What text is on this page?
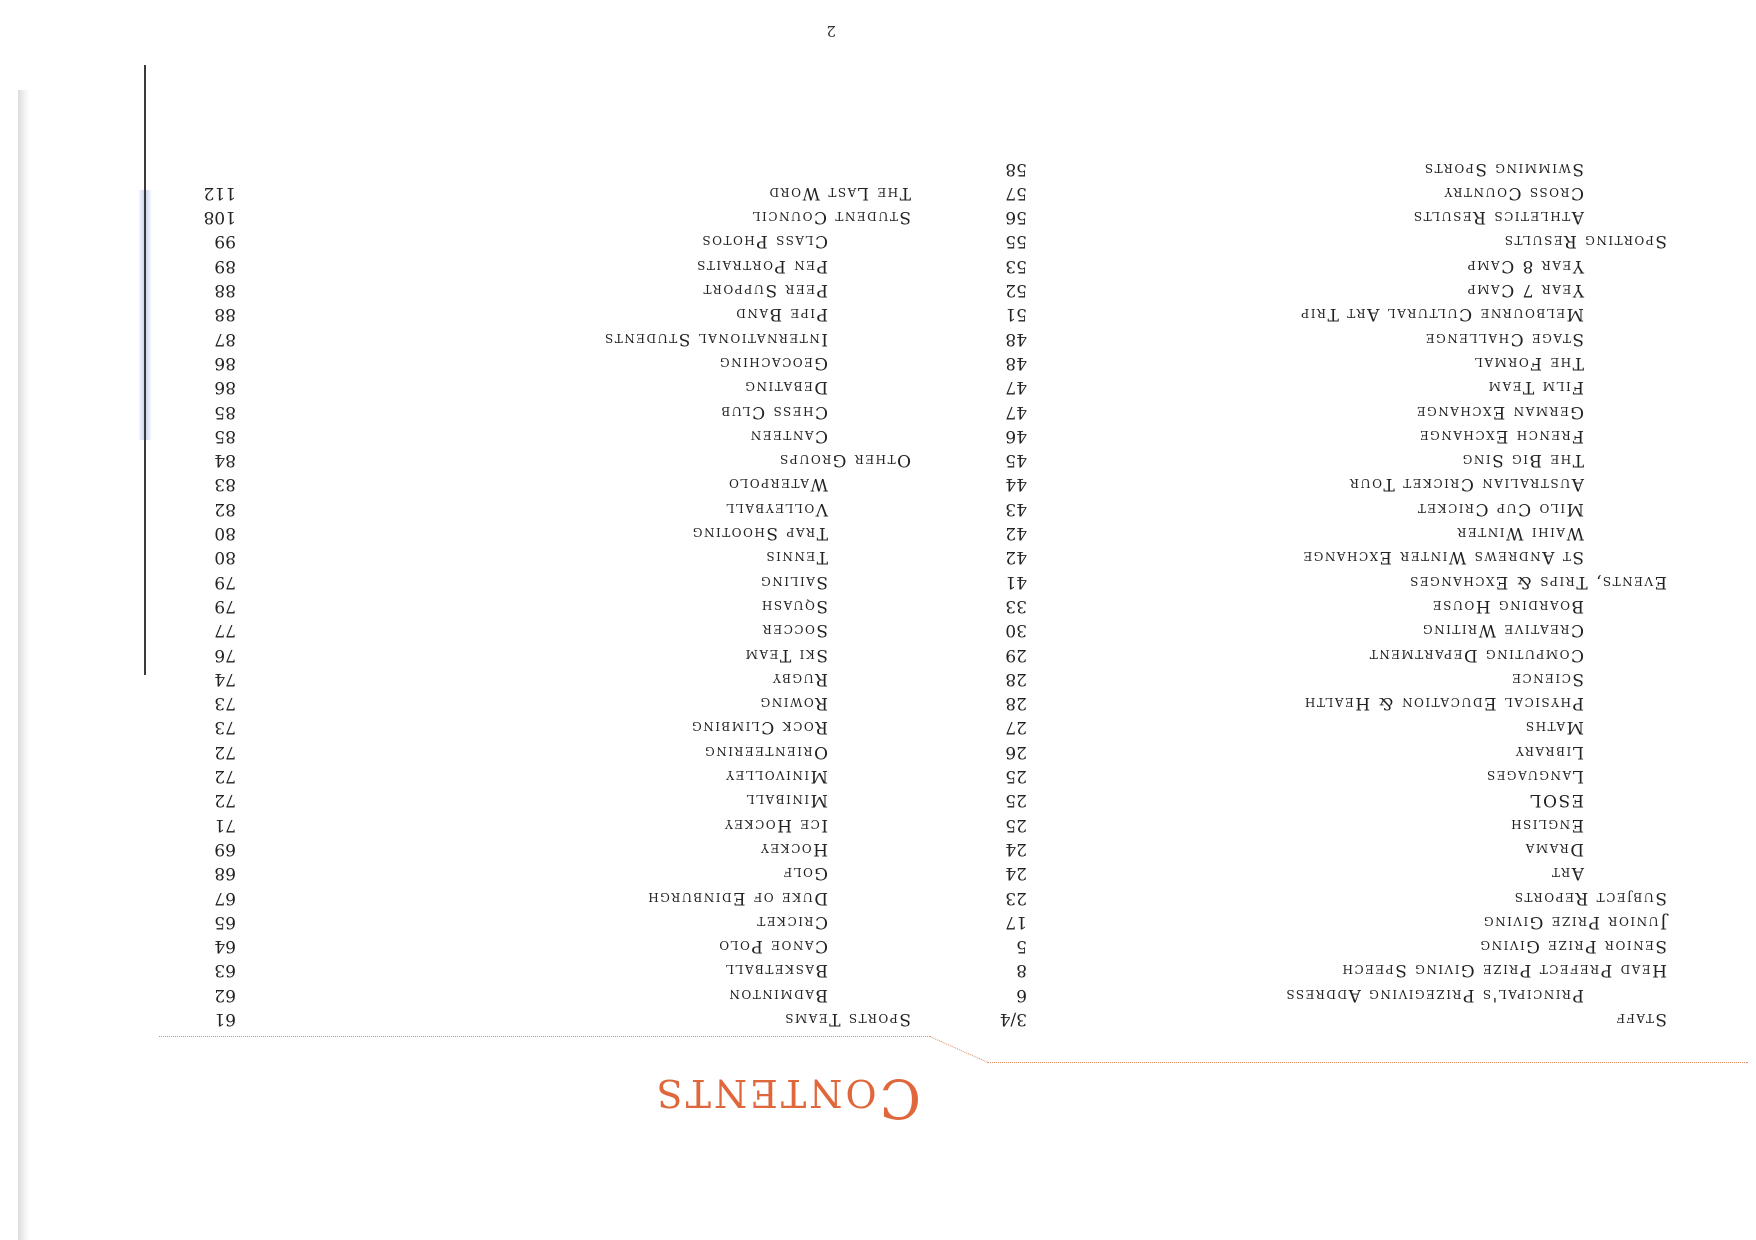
Contents
Staff
3/4
Principal's Prizegiving Address
6
Head Prefect Prize Giving Speech
8
Senior Prize Giving
5
Junior Prize Giving
17
Subject Reports
23
Art
24
Drama
24
English
25
ESOL
25
Languages
25
Library
26
Maths
27
Physical Education & Health
28
Science
28
Computing Department
29
Creative Writing
30
Boarding House
33
Events, Trips & Exchanges
41
St Andrews Winter Exchange
42
Waihi Winter
42
Milo Cup Cricket
43
Australian Cricket Tour
44
The Big Sing
45
French Exchange
46
German Exchange
47
Film Team
47
The Formal
48
Stage Challenge
48
Melbourne Cultural Art Trip
51
Year 7 Camp
52
Year 8 Camp
53
Sporting Results
55
Athletics Results
56
Cross Country
57
Swimming Sports
58
Sports Teams
61
Badminton
62
Basketball
63
Canoe Polo
64
Cricket
65
Duke of Edinburgh
67
Golf
68
Hockey
69
Ice Hockey
71
Miniball
72
Minivolley
72
Orienteering
72
Rock Climbing
73
Rowing
73
Rugby
74
Ski Team
76
Soccer
77
Squash
79
Sailing
79
Tennis
80
Trap Shooting
80
Volleyball
82
Waterpolo
83
Other Groups
84
Canteen
85
Chess Club
85
Debating
86
Geocaching
86
International Students
87
Pipe Band
88
Peer Support
88
Pen Portraits
89
Class Photos
99
Student Council
108
The Last Word
112
2
